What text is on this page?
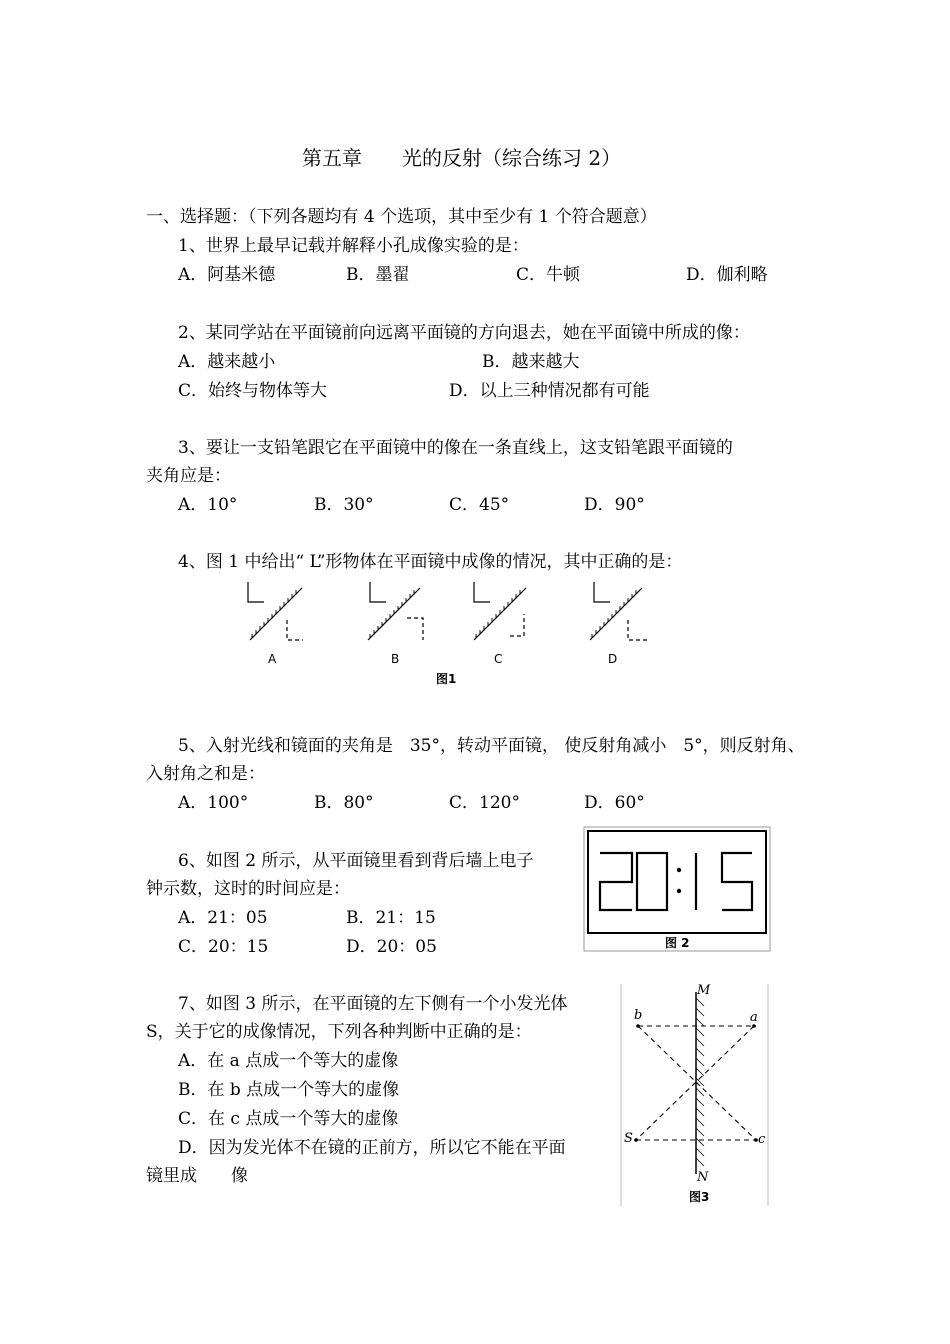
第五章　　光的反射（综合练习 2）
一、选择题：（下列各题均有 4 个选项，其中至少有 1 个符合题意）
1、世界上最早记载并解释小孔成像实验的是：
A．阿基米德	B．墨翟	C．牛顿	D．伽利略
2、某同学站在平面镜前向远离平面镜的方向退去，她在平面镜中所成的像：
A．越来越小	B．越来越大
C．始终与物体等大	D．以上三种情况都有可能
3、要让一支铅笔跟它在平面镜中的像在一条直线上，这支铅笔跟平面镜的
夹角应是：
A．10°	B．30°	C．45°	D．90°
4、图 1 中给出“ L”形物体在平面镜中成像的情况，其中正确的是：
A	B	C	D
图1
5、入射光线和镜面的夹角是　35°，转动平面镜， 使反射角减小　5°，则反射角、
入射角之和是：
A．100°	B．80°	C．120°	D．60°
6、如图 2 所示，从平面镜里看到背后墙上电子
钟示数，这时的时间应是：
A．21：05	B．21：15
C．20：15	D．20：05	图 2
7、如图 3 所示，在平面镜的左下侧有一个小发光体
S，关于它的成像情况，下列各种判断中正确的是：
A．在 a 点成一个等大的虚像
B．在 b 点成一个等大的虚像
C．在 c 点成一个等大的虚像
D．因为发光体不在镜的正前方，所以它不能在平面
镜里成　　像
M
N
a
b
c
S
图3
